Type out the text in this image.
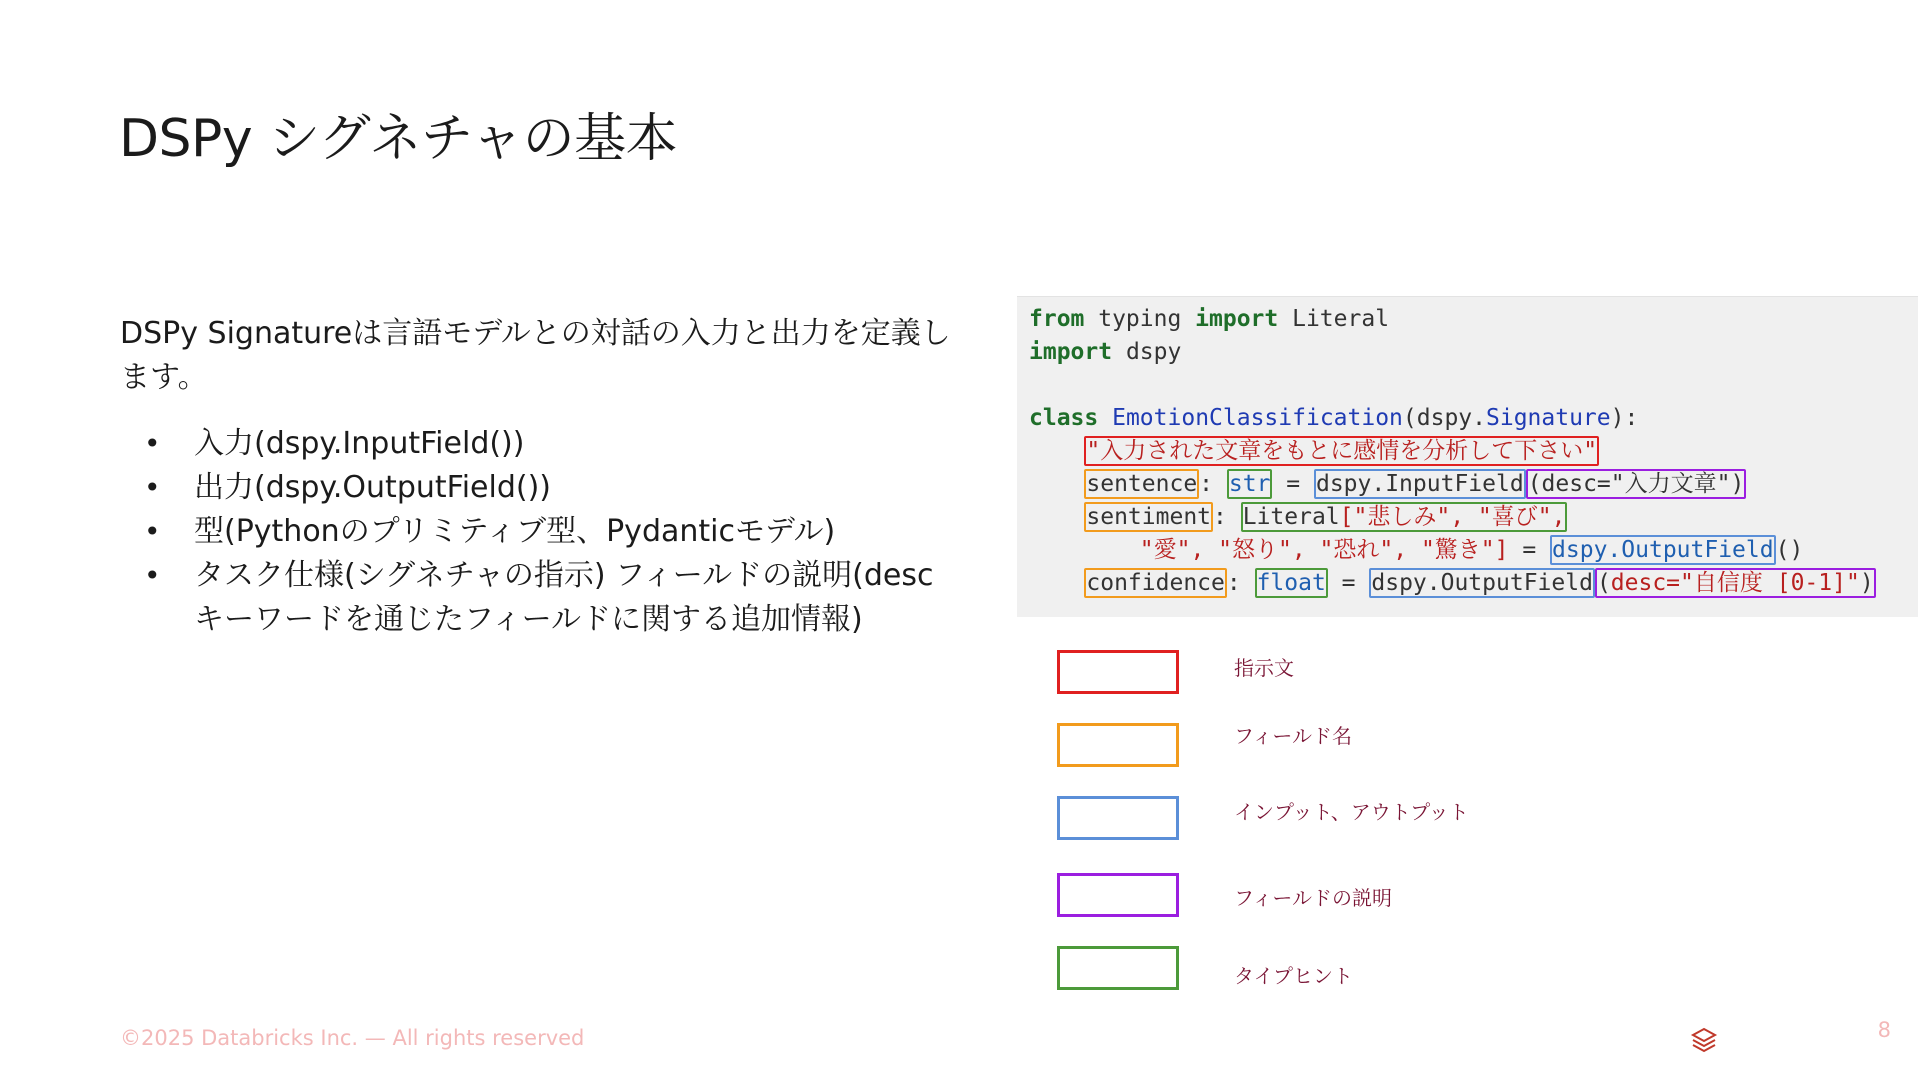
DSPy シグネチャの基本

DSPy Signatureは言語モデルとの対話の入力と出力を定義します。

• 入力(dspy.InputField())
• 出力(dspy.OutputField())
• 型(Pythonのプリミティブ型、Pydanticモデル)
• タスク仕様(シグネチャの指示) フィールドの説明(desc キーワードを通じたフィールドに関する追加情報)
from typing import Literal
import dspy

class EmotionClassification(dspy.Signature):
"入力された文章をもとに感情を分析して下さい"
sentence: str = dspy.InputField (desc="入力文章")
sentiment: Literal["悲しみ", "喜び",
"愛", "怒り", "恐れ", "驚き"] = dspy.OutputField()
confidence: float = dspy.OutputField (desc="自信度 [0-1]")
指示文
フィールド名
インプット、アウトプット
フィールドの説明
タイプヒント
©2025 Databricks Inc. — All rights reserved	8
